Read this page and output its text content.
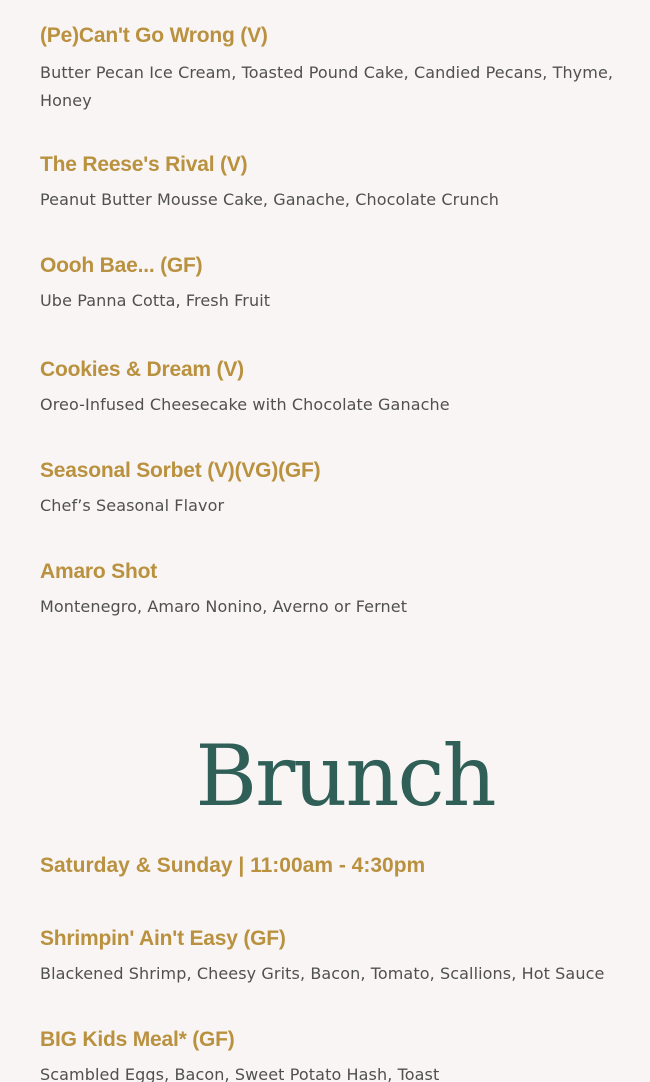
(Pe)Can't Go Wrong (V)
Butter Pecan Ice Cream, Toasted Pound Cake, Candied Pecans, Thyme, Honey
The Reese's Rival (V)
Peanut Butter Mousse Cake, Ganache, Chocolate Crunch
Oooh Bae... (GF)
Ube Panna Cotta, Fresh Fruit
Cookies & Dream (V)
Oreo-Infused Cheesecake with Chocolate Ganache
Seasonal Sorbet (V)(VG)(GF)
Chef’s Seasonal Flavor
Amaro Shot
Montenegro, Amaro Nonino, Averno or Fernet
Brunch
Saturday & Sunday | 11:00am - 4:30pm
Shrimpin' Ain't Easy (GF)
Blackened Shrimp, Cheesy Grits, Bacon, Tomato, Scallions, Hot Sauce
BIG Kids Meal* (GF)
Scambled Eggs, Bacon, Sweet Potato Hash, Toast
